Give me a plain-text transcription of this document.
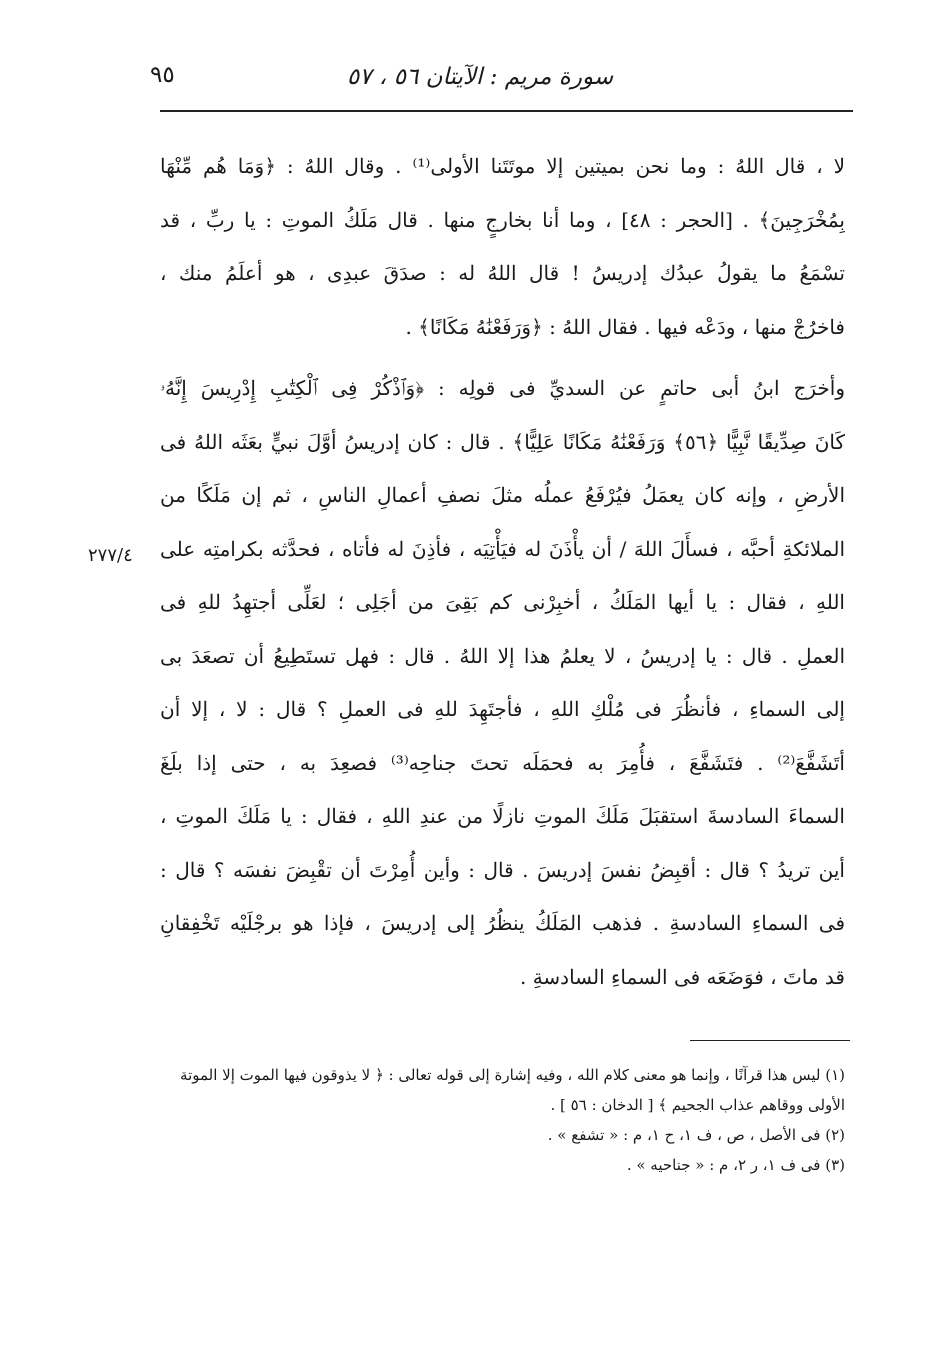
سورة مريم : الآيتان ٥٦ ، ٥٧
٩٥
٢٧٧/٤

لا ، قال اللهُ : وما نحن بميتين إلا موتَتَنا الأولى⁽¹⁾ . وقال اللهُ : ﴿وَمَا هُم مِّنْهَا
بِمُخْرَجِينَ﴾ . [الحجر : ٤٨] ، وما أنا بخارجٍ منها . قال مَلَكُ الموتِ : يا ربِّ ، قد
تسْمَعُ ما يقولُ عبدُك إدريسُ ! قال اللهُ له : صدَقَ عبدِى ، هو أعلَمُ منك ،
فاخرُجْ منها ، ودَعْه فيها . فقال اللهُ : ﴿وَرَفَعْنَٰهُ مَكَانًا﴾ .

وأخرَج ابنُ أبى حاتمٍ عن السديِّ فى قولِه : ﴿وَٱذْكُرْ فِى ٱلْكِتَٰبِ إِدْرِيسَ إِنَّهُۥ
كَانَ صِدِّيقًا نَّبِيًّا ﴿٥٦﴾ وَرَفَعْنَٰهُ مَكَانًا عَلِيًّا﴾ . قال : كان إدريسُ أوَّلَ نبيٍّ بعَثَه اللهُ فى
الأرضِ ، وإنه كان يعمَلُ فيُرْفَعُ عملُه مثلَ نصفِ أعمالِ الناسِ ، ثم إن مَلَكًا من
الملائكةِ أحبَّه ، فسأَلَ اللهَ / أن يأْذَنَ له فيَأْتِيَه ، فأذِنَ له فأتاه ، فحدَّثه بكرامتِه على
اللهِ ، فقال : يا أيها المَلَكُ ، أخبِرْنى كم بَقِىَ من أجَلِى ؛ لعَلِّى أجتهِدُ للهِ فى
العملِ . قال : يا إدريسُ ، لا يعلمُ هذا إلا اللهُ . قال : فهل تستَطِيعُ أن تصعَدَ بى
إلى السماءِ ، فأنظُرَ فى مُلْكِ اللهِ ، فأجتَهِدَ للهِ فى العملِ ؟ قال : لا ، إلا أن
أتَشَفَّعَ⁽²⁾ . فتَشَفَّعَ ، فأُمِرَ به فحمَلَه تحتَ جناحِه⁽³⁾ فصعِدَ به ، حتى إذا بلَغَ
السماءَ السادسةَ استقبَلَ مَلَكَ الموتِ نازلًا من عندِ اللهِ ، فقال : يا مَلَكَ الموتِ ،
أين تريدُ ؟ قال : أقبِضُ نفسَ إدريسَ . قال : وأين أُمِرْتَ أن تقْبِضَ نفسَه ؟ قال :
فى السماءِ السادسةِ . فذهب المَلَكُ ينظُرُ إلى إدريسَ ، فإذا هو برجْلَيْه تَخْفِقانِ
قد ماتَ ، فوَضَعَه فى السماءِ السادسةِ .

(١) ليس هذا قرآنًا ، وإنما هو معنى كلام الله ، وفيه إشارة إلى قوله تعالى : ﴿ لا يذوقون فيها الموت إلا الموتة
الأولى ووقاهم عذاب الجحيم ﴾ [ الدخان : ٥٦ ] .
(٢) فى الأصل ، ص ، ف ١، ح ١، م : « تشفع » .
(٣) فى ف ١، ر ٢، م : « جناحيه » .
